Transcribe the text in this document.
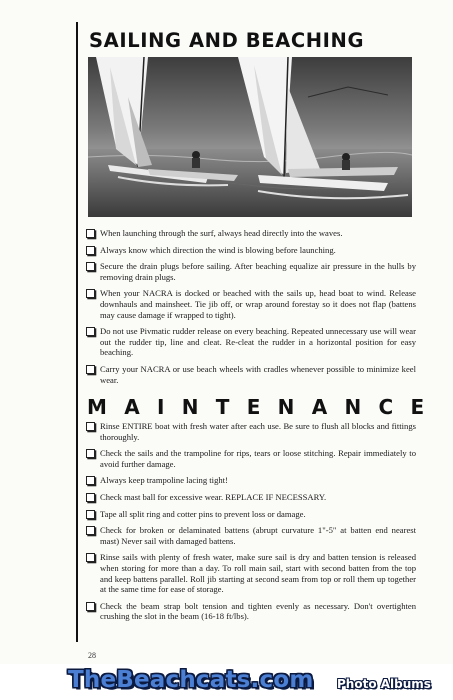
SAILING AND BEACHING
When launching through the surf, always head directly into the waves.
Always know which direction the wind is blowing before launching.
Secure the drain plugs before sailing. After beaching equalize air pressure in the hulls by removing drain plugs.
When your NACRA is docked or beached with the sails up, head boat to wind. Release downhauls and mainsheet. Tie jib off, or wrap around forestay so it does not flap (battens may cause damage if wrapped to tight).
Do not use Pivmatic rudder release on every beaching. Repeated unnecessary use will wear out the rudder tip, line and cleat. Re-cleat the rudder in a horizontal position for easy beaching.
Carry your NACRA or use beach wheels with cradles whenever possible to minimize keel wear.
MAINTENANCE
Rinse ENTIRE boat with fresh water after each use. Be sure to flush all blocks and fittings thoroughly.
Check the sails and the trampoline for rips, tears or loose stitching. Repair immediately to avoid further damage.
Always keep trampoline lacing tight!
Check mast ball for excessive wear. REPLACE IF NECESSARY.
Tape all split ring and cotter pins to prevent loss or damage.
Check for broken or delaminated battens (abrupt curvature 1"-5" at batten end nearest mast) Never sail with damaged battens.
Rinse sails with plenty of fresh water, make sure sail is dry and batten tension is released when storing for more than a day. To roll main sail, start with second batten from the top and keep battens parallel. Roll jib starting at second seam from top or roll them up together at the same time for ease of storage.
Check the beam strap bolt tension and tighten evenly as necessary. Don't overtighten crushing the slot in the beam (16-18 ft/lbs).
28
TheBeachcats.com Photo Albums
